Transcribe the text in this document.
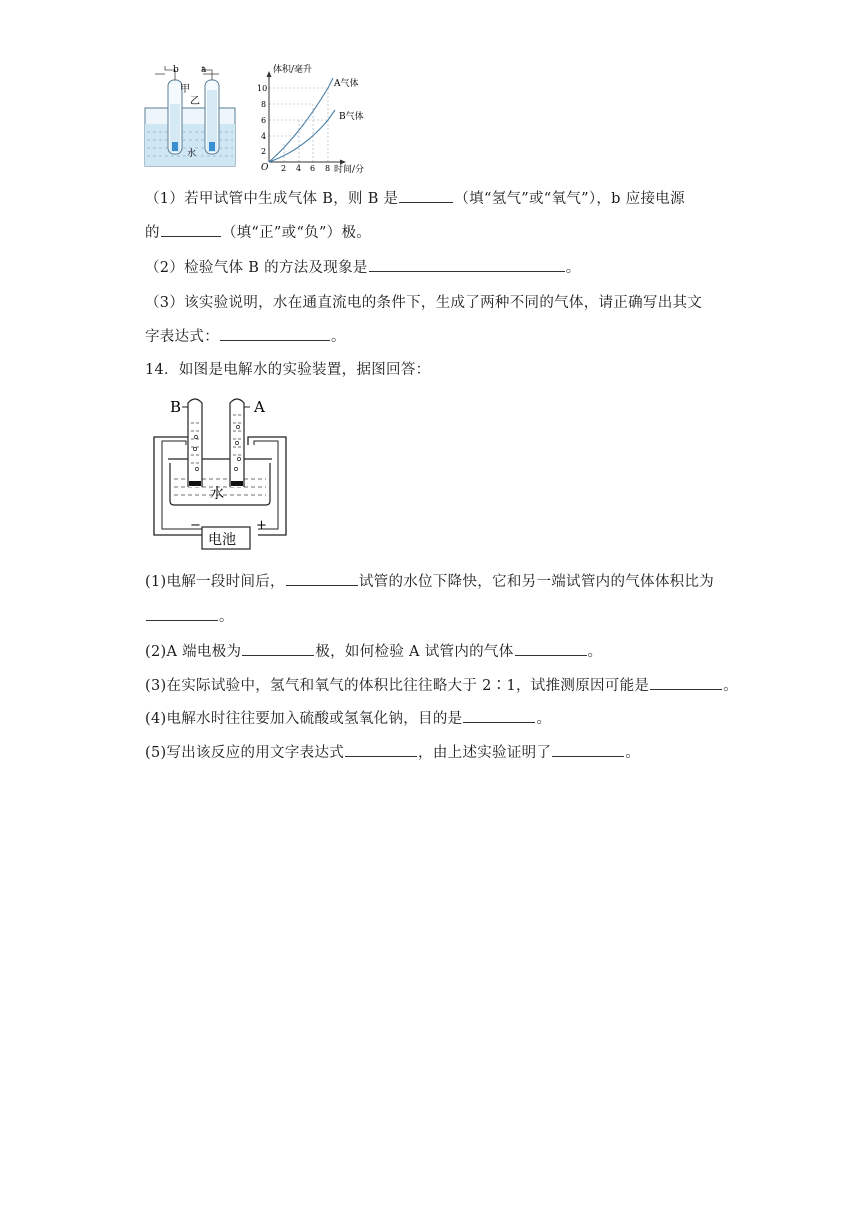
b a
甲
乙
水
体积/毫升
A气体
B气体
时间/分
O
10
8
6
4
2
2 4 6 8
（1）若甲试管中生成气体 B，则 B 是	（填“氢气”或“氧气”），b 应接电源
的	（填“正”或“负”）极。
（2）检验气体 B 的方法及现象是	。
（3）该实验说明，水在通直流电的条件下，生成了两种不同的气体，请正确写出其文
字表达式：	。
14．如图是电解水的实验装置，据图回答：
B	A
水
电池
−	+
(1)电解一段时间后，	试管的水位下降快，它和另一端试管内的气体体积比为
。
(2)A 端电极为	极，如何检验 A 试管内的气体	。
(3)在实际试验中，氢气和氧气的体积比往往略大于 2∶1，试推测原因可能是	。
(4)电解水时往往要加入硫酸或氢氧化钠，目的是	。
(5)写出该反应的用文字表达式	，由上述实验证明了	。
